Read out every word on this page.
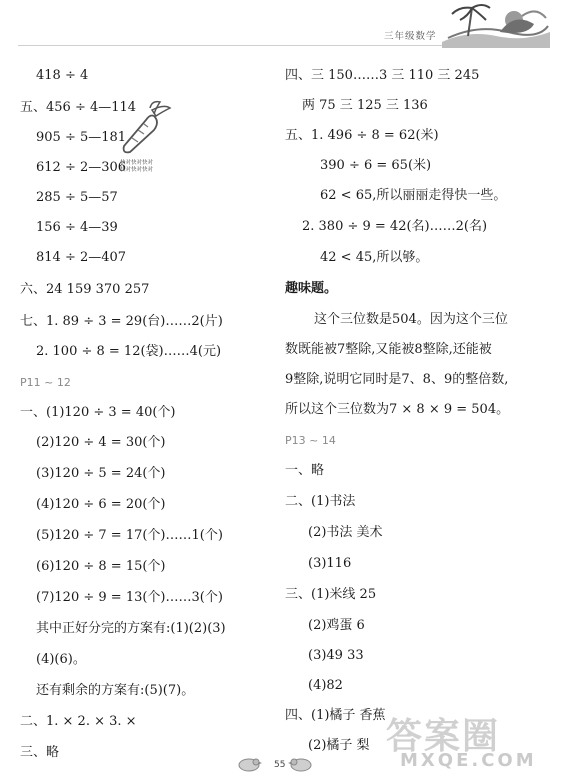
三年级数学
418 ÷ 4
五、456 ÷ 4—114
905 ÷ 5—181
612 ÷ 2—306
285 ÷ 5—57
156 ÷ 4—39
814 ÷ 2—407
六、24 159 370 257
七、1. 89 ÷ 3 = 29(台)……2(片)
2. 100 ÷ 8 = 12(袋)……4(元)
P11 ~ 12
一、(1)120 ÷ 3 = 40(个)
(2)120 ÷ 4 = 30(个)
(3)120 ÷ 5 = 24(个)
(4)120 ÷ 6 = 20(个)
(5)120 ÷ 7 = 17(个)……1(个)
(6)120 ÷ 8 = 15(个)
(7)120 ÷ 9 = 13(个)……3(个)
其中正好分完的方案有:(1)(2)(3)
(4)(6)。
还有剩余的方案有:(5)(7)。
二、1. × 2. × 3. ×
三、略
快对快对快对
快对快对快对
四、三 150……3 三 110 三 245
两 75 三 125 三 136
五、1. 496 ÷ 8 = 62(米)
390 ÷ 6 = 65(米)
62 < 65,所以丽丽走得快一些。
2. 380 ÷ 9 = 42(名)……2(名)
42 < 45,所以够。
趣味题。
这个三位数是504。因为这个三位
数既能被7整除,又能被8整除,还能被
9整除,说明它同时是7、8、9的整倍数,
所以这个三位数为7 × 8 × 9 = 504。
P13 ~ 14
一、略
二、(1)书法
(2)书法 美术
(3)116
三、(1)米线 25
(2)鸡蛋 6
(3)49 33
(4)82
四、(1)橘子 香蕉
(2)橘子 梨 答案圈
MXQE.COM
55
